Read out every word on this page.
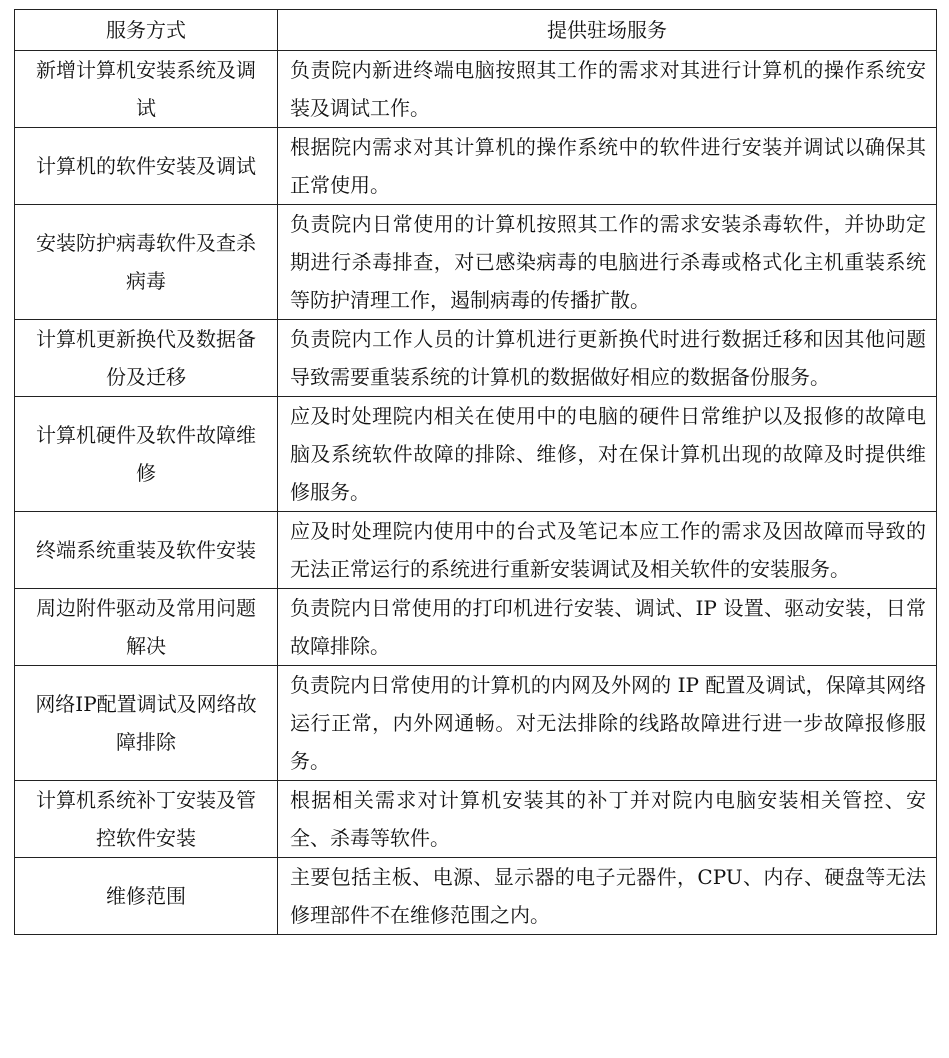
服务方式	提供驻场服务
新增计算机安装系统及调试	负责院内新进终端电脑按照其工作的需求对其进行计算机的操作系统安装及调试工作。
计算机的软件安装及调试	根据院内需求对其计算机的操作系统中的软件进行安装并调试以确保其正常使用。
安装防护病毒软件及查杀病毒	负责院内日常使用的计算机按照其工作的需求安装杀毒软件，并协助定期进行杀毒排查，对已感染病毒的电脑进行杀毒或格式化主机重装系统等防护清理工作，遏制病毒的传播扩散。
计算机更新换代及数据备份及迁移	负责院内工作人员的计算机进行更新换代时进行数据迁移和因其他问题导致需要重装系统的计算机的数据做好相应的数据备份服务。
计算机硬件及软件故障维修	应及时处理院内相关在使用中的电脑的硬件日常维护以及报修的故障电脑及系统软件故障的排除、维修，对在保计算机出现的故障及时提供维修服务。
终端系统重装及软件安装	应及时处理院内使用中的台式及笔记本应工作的需求及因故障而导致的无法正常运行的系统进行重新安装调试及相关软件的安装服务。
周边附件驱动及常用问题解决	负责院内日常使用的打印机进行安装、调试、IP 设置、驱动安装，日常故障排除。
网络IP配置调试及网络故障排除	负责院内日常使用的计算机的内网及外网的 IP 配置及调试，保障其网络运行正常，内外网通畅。对无法排除的线路故障进行进一步故障报修服务。
计算机系统补丁安装及管控软件安装	根据相关需求对计算机安装其的补丁并对院内电脑安装相关管控、安全、杀毒等软件。
维修范围	主要包括主板、电源、显示器的电子元器件，CPU、内存、硬盘等无法修理部件不在维修范围之内。
